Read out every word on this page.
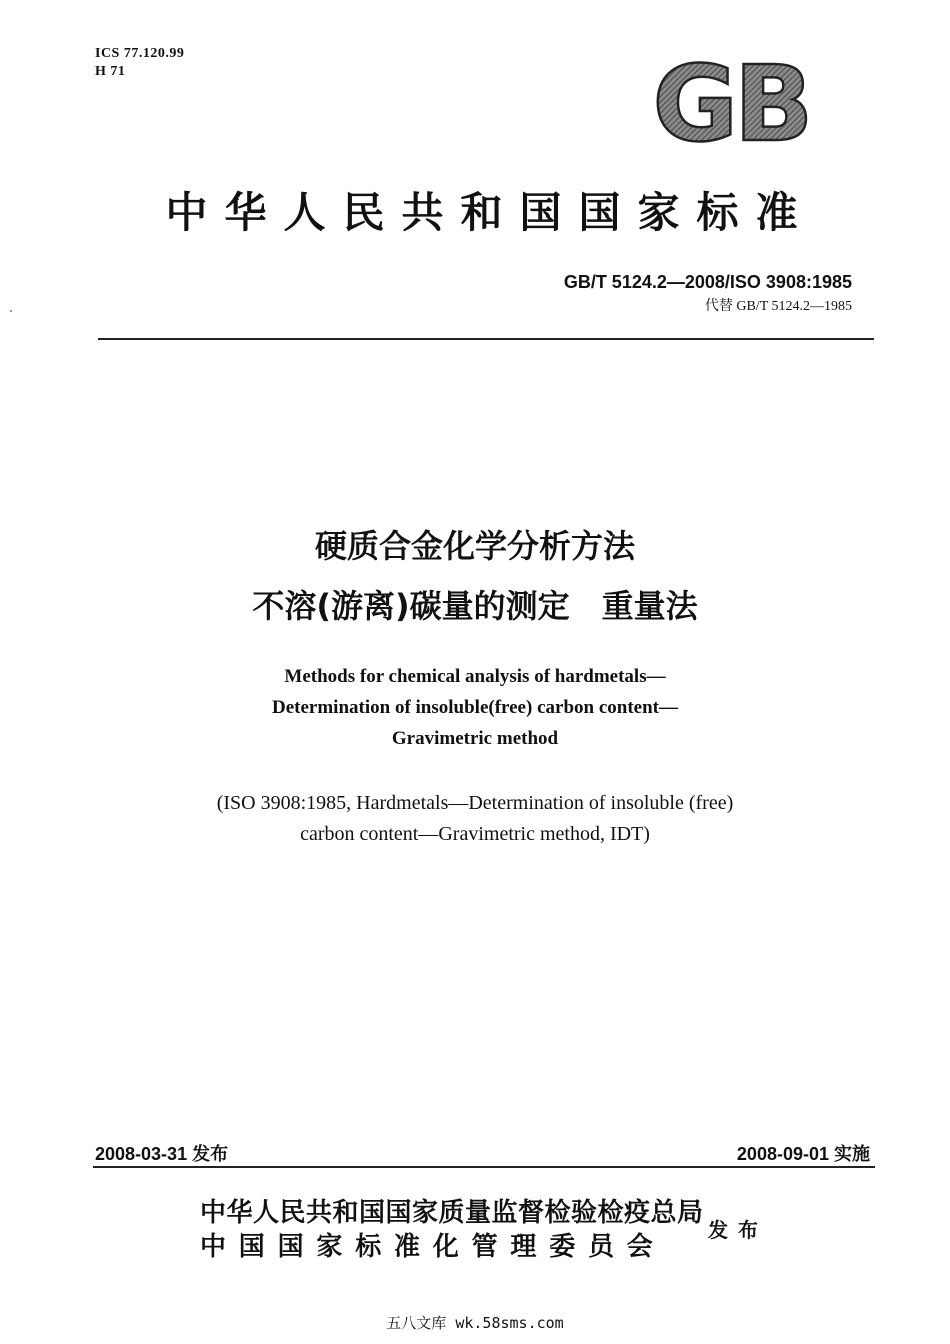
ICS 77.120.99
H 71	GB
中华人民共和国国家标准
GB/T 5124.2—2008/ISO 3908:1985
代替 GB/T 5124.2—1985
硬质合金化学分析方法
不溶(游离)碳量的测定　重量法
Methods for chemical analysis of hardmetals—
Determination of insoluble(free) carbon content—
Gravimetric method
(ISO 3908:1985, Hardmetals—Determination of insoluble (free)
carbon content—Gravimetric method, IDT)
2008-03-31 发布	2008-09-01 实施
中华人民共和国国家质量监督检验检疫总局
中国国家标准化管理委员会
发布
五八文库 wk.58sms.com
